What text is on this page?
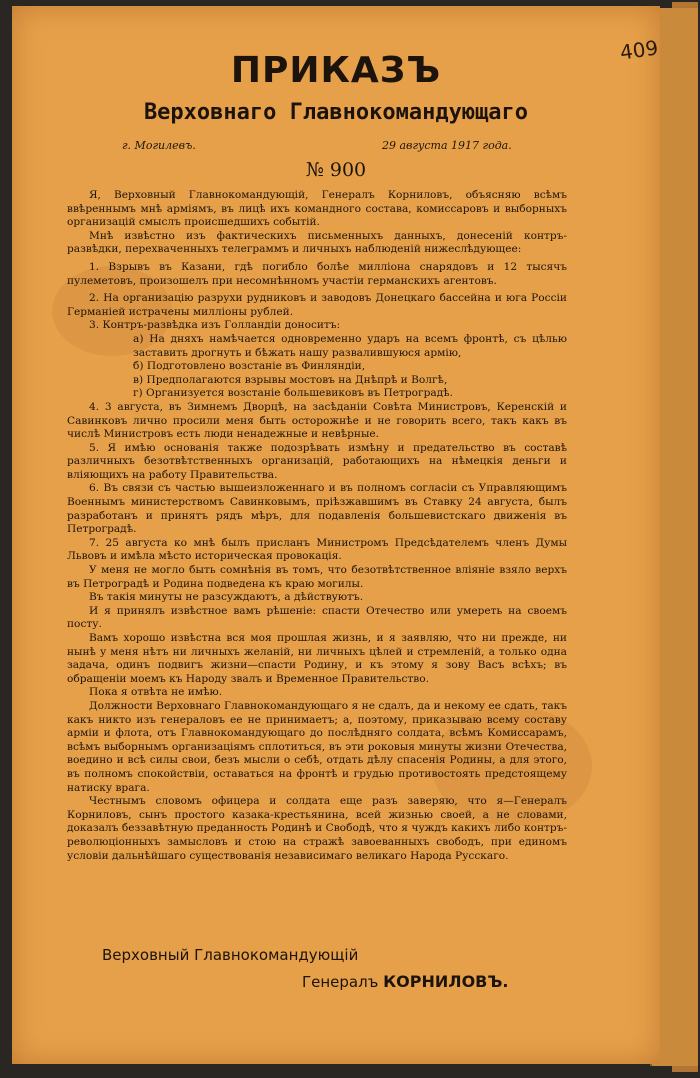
409
ПРИКАЗЪ
Верховнаго Главнокомандующаго
г. Могилевъ.	29 августа 1917 года.
№ 900

Я, Верховный Главнокомандующій, Генералъ Корниловъ, объясняю всѣмъ ввѣреннымъ мнѣ арміямъ, въ лицѣ ихъ командного состава, комиссаровъ и выборныхъ организацій смыслъ происшедшихъ событій.

Мнѣ извѣстно изъ фактическихъ письменныхъ данныхъ, донесеній контръ-развѣдки, перехваченныхъ телеграммъ и личныхъ наблюденій нижеслѣдующее:

1. Взрывъ въ Казани, гдѣ погибло болѣе милліона снарядовъ и 12 тысячъ пулеметовъ, произошелъ при несомнѣнномъ участіи германскихъ агентовъ.

2. На организацію разрухи рудниковъ и заводовъ Донецкаго бассейна и юга Россіи Германіей истрачены милліоны рублей.

3. Контръ-развѣдка изъ Голландіи доноситъ:

а) На дняхъ намѣчается одновременно ударъ на всемъ фронтѣ, съ цѣлью заставить дрогнуть и бѣжать нашу развалившуюся армію,

б) Подготовлено возстаніе въ Финляндіи,

в) Предполагаются взрывы мостовъ на Днѣпрѣ и Волгѣ,

г) Организуется возстаніе большевиковъ въ Петроградѣ.

4. 3 августа, въ Зимнемъ Дворцѣ, на засѣданіи Совѣта Министровъ, Керенскій и Савинковъ лично просили меня быть осторожнѣе и не говорить всего, такъ какъ въ числѣ Министровъ есть люди ненадежные и невѣрные.

5. Я имѣю основанія также подозрѣвать измѣну и предательство въ составѣ различныхъ безотвѣтственныхъ организацій, работающихъ на нѣмецкія деньги и вліяющихъ на работу Правительства.

6. Въ связи съ частью вышеизложеннаго и въ полномъ согласіи съ Управляющимъ Военнымъ министерствомъ Савинковымъ, пріѣзжавшимъ въ Ставку 24 августа, былъ разработанъ и принятъ рядъ мѣръ, для подавленія большевистскаго движенія въ Петроградѣ.

7. 25 августа ко мнѣ былъ присланъ Министромъ Предсѣдателемъ членъ Думы Львовъ и имѣла мѣсто историческая провокація.

У меня не могло быть сомнѣнія въ томъ, что безотвѣтственное вліяніе взяло верхъ въ Петроградѣ и Родина подведена къ краю могилы.

Въ такія минуты не разсуждаютъ, а дѣйствуютъ.

И я принялъ извѣстное вамъ рѣшеніе: спасти Отечество или умереть на своемъ посту.

Вамъ хорошо извѣстна вся моя прошлая жизнь, и я заявляю, что ни прежде, ни нынѣ у меня нѣтъ ни личныхъ желаній, ни личныхъ цѣлей и стремленій, а только одна задача, одинъ подвигъ жизни—спасти Родину, и къ этому я зову Васъ всѣхъ; въ обращеніи моемъ къ Народу звалъ и Временное Правительство.

Пока я отвѣта не имѣю.

Должности Верховнаго Главнокомандующаго я не сдалъ, да и некому ее сдать, такъ какъ никто изъ генераловъ ее не принимаетъ; а, поэтому, приказываю всему составу арміи и флота, отъ Главнокомандующаго до послѣдняго солдата, всѣмъ Комиссарамъ, всѣмъ выборнымъ организаціямъ сплотиться, въ эти роковыя минуты жизни Отечества, воедино и всѣ силы свои, безъ мысли о себѣ, отдать дѣлу спасенія Родины, а для этого, въ полномъ спокойствіи, оставаться на фронтѣ и грудью противостоять предстоящему натиску врага.

Честнымъ словомъ офицера и солдата еще разъ заверяю, что я—Генералъ Корниловъ, сынъ простого казака-крестьянина, всей жизнью своей, а не словами, доказалъ беззавѣтную преданность Родинѣ и Свободѣ, что я чуждъ какихъ либо контръ-революціонныхъ замысловъ и стою на стражѣ завоеванныхъ свободъ, при единомъ условіи дальнѣйшаго существованія независимаго великаго Народа Русскаго.

Верховный Главнокомандующій
Генералъ КОРНИЛОВЪ.
